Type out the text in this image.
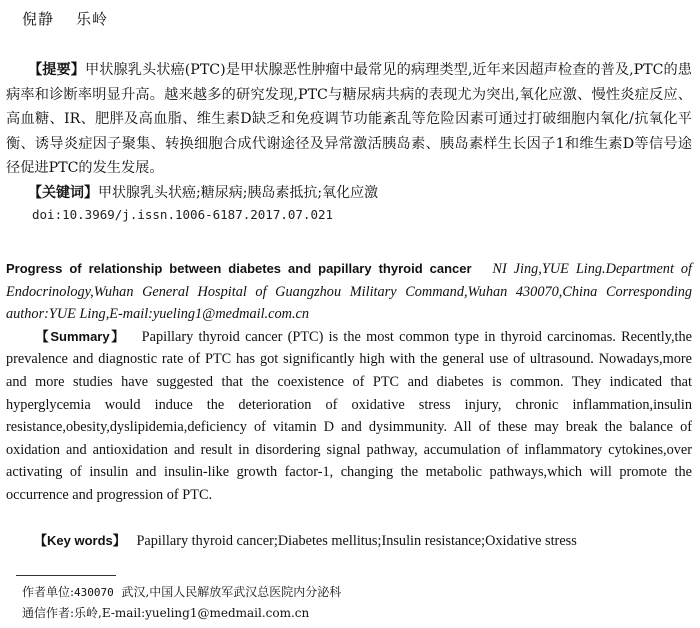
倪静 乐岭
【提要】甲状腺乳头状癌(PTC)是甲状腺恶性肿瘤中最常见的病理类型,近年来因超声检查的普及,PTC的患病率和诊断率明显升高。越来越多的研究发现,PTC与糖尿病共病的表现尤为突出,氧化应激、慢性炎症反应、高血糖、IR、肥胖及高血脂、维生素D缺乏和免疫调节功能紊乱等危险因素可通过打破细胞内氧化/抗氧化平衡、诱导炎症因子聚集、转换细胞合成代谢途径及异常激活胰岛素、胰岛素样生长因子1和维生素D等信号途径促进PTC的发生发展。
【关键词】甲状腺乳头状癌;糖尿病;胰岛素抵抗;氧化应激
doi:10.3969/j.issn.1006-6187.2017.07.021
Progress of relationship between diabetes and papillary thyroid cancer NI Jing,YUE Ling.Department of Endocrinology,Wuhan General Hospital of Guangzhou Military Command,Wuhan 430070,China Corresponding author:YUE Ling,E-mail:yueling1@medmail.com.cn
【Summary】 Papillary thyroid cancer (PTC) is the most common type in thyroid carcinomas. Recently,the prevalence and diagnostic rate of PTC has got significantly high with the general use of ultrasound. Nowadays,more and more studies have suggested that the coexistence of PTC and diabetes is common. They indicated that hyperglycemia would induce the deterioration of oxidative stress injury, chronic inflammation,insulin resistance,obesity,dyslipidemia,deficiency of vitamin D and dysimmunity. All of these may break the balance of oxidation and antioxidation and result in disordering signal pathway, accumulation of inflammatory cytokines,over activating of insulin and insulin-like growth factor-1, changing the metabolic pathways,which will promote the occurrence and progression of PTC.
【Key words】 Papillary thyroid cancer;Diabetes mellitus;Insulin resistance;Oxidative stress
作者单位:430070 武汉,中国人民解放军武汉总医院内分泌科
通信作者:乐岭,E-mail:yueling1@medmail.com.cn
